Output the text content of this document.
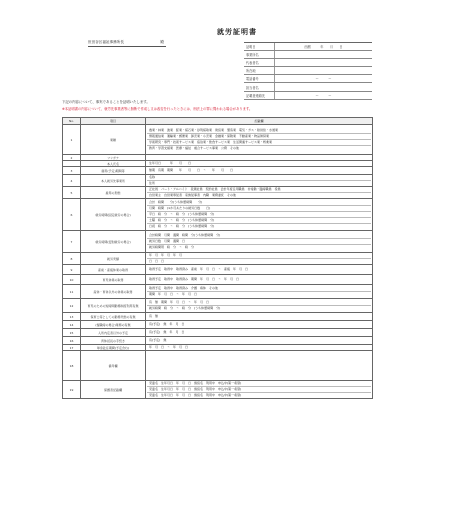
就労証明書
世田谷区福祉事務所長	殿
証明日	西暦　　　年　　月　　日
事業所名
代表者名
所在地
電話番号	ー　　　ー
担当者名
記載者連絡先	ー　　　ー
下記の内容について、事実であることを証明いたします。
※本証明書の内容について、就労先事業者等に無断で作成し又は改変を行ったときには、刑法上の罪に問われる場合があります。
No.	項目	記載欄
1	業種	農業・林業　漁業　鉱業・採石業・砂利採取業　建設業　製造業　電気・ガス・熱供給・水道業
情報通信業　運輸業・郵便業　卸売業・小売業　金融業・保険業　不動産業・物品賃貸業
学術研究・専門・技術サービス業　宿泊業・飲食サービス業　生活関連サービス業・娯楽業
教育・学習支援業　医療・福祉　複合サービス事業　公務　その他

2	フリガナ	

	本人氏名	生年月日　　　年　　月　　日

3	雇用(予定)期間等	無期　有期　期間　　年　　月　　日　〜　　年　　月　　日

4	本人就労先事業所	名称
住所

5	雇用の形態	正社員　パート・アルバイト　派遣社員　契約社員　会計年度任用職員　非常勤・臨時職員　役員
自営業主　自営業専従者　家族従事者　内職　業務委託　その他

6	就労時間(固定就労の場合)	合計　時間　　分(うち休憩時間　　分)
月間　時間　(1か月あたりの就労日数　　日)
平日　時　分　〜　時　分　(うち休憩時間　分)
土曜　時　分　〜　時　分　(うち休憩時間　分)
日祝　時　分　〜　時　分　(うち休憩時間　分)

7	就労時間(変則就労の場合)	合計時間　月間　週間　時間　分(うち休憩時間　分)
就労日数　月間　週間　日
就労時間帯　時　分　〜　時　分

8	就労実績	年　月　年　月　年　月
日　日　日

9	産前・産後休業の取得	取得予定　取得中　取得済み　産前　年　月　日　〜　産後　年　月　日

10	育児休業の取得	取得予定　取得中　取得済み　期間　年　月　日　〜　年　月　日

11	産休・育休以外の休業の取得	取得予定　取得中　取得済み　介護　病休　その他
期間　年　月　日　〜　年　月　日

12	育児のための短時間勤務制度利用有無	有　無　期間　年　月　日　〜　年　月　日
就労時間　時　分　〜　時　分　(うち休憩時間　分)

13	保育士等としての勤務実態の有無	有　無

14	(復職時の場合)業務の有無	有(予定)　無　年　月　日

15	入所内定者以外の予定	有(予定)　無　年　月　日

16	育休延長の手続き	有(予定)　無

17	単身赴任期間(予定含む)	年　月　日　〜　年　月　日

18	備考欄	

19	保護者記載欄	児童名　生年月日　年　月　日　施設名　利用中　申込中(第一希望)
児童名　生年月日　年　月　日　施設名　利用中　申込中(第一希望)
児童名　生年月日　年　月　日　施設名　利用中　申込中(第一希望)
